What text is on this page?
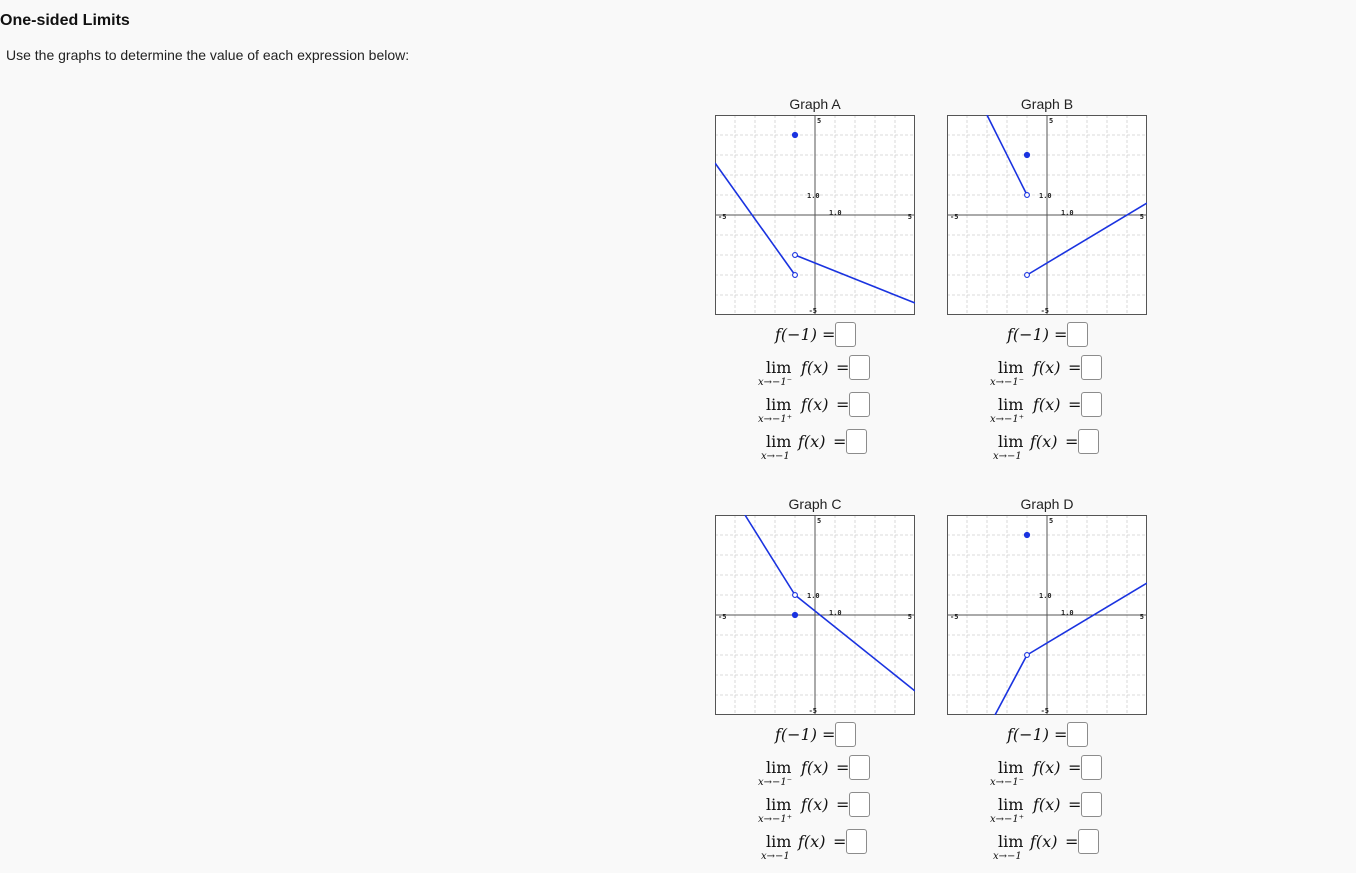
One-sided Limits
Use the graphs to determine the value of each expression below:
Graph A
-5	5
5
-5
1.0
1.0
f(−1) =
lim
x→−1⁻
f(x) =
lim
x→−1⁺
f(x) =
lim
x→−1
f(x) =
Graph B
-5	5
5
-5
1.0
1.0
f(−1) =
lim
x→−1⁻
f(x) =
lim
x→−1⁺
f(x) =
lim
x→−1
f(x) =
Graph C
-5	5
5
-5
1.0
1.0
f(−1) =
lim
x→−1⁻
f(x) =
lim
x→−1⁺
f(x) =
lim
x→−1
f(x) =
Graph D
-5	5
5
-5
1.0
1.0
f(−1) =
lim
x→−1⁻
f(x) =
lim
x→−1⁺
f(x) =
lim
x→−1
f(x) =
